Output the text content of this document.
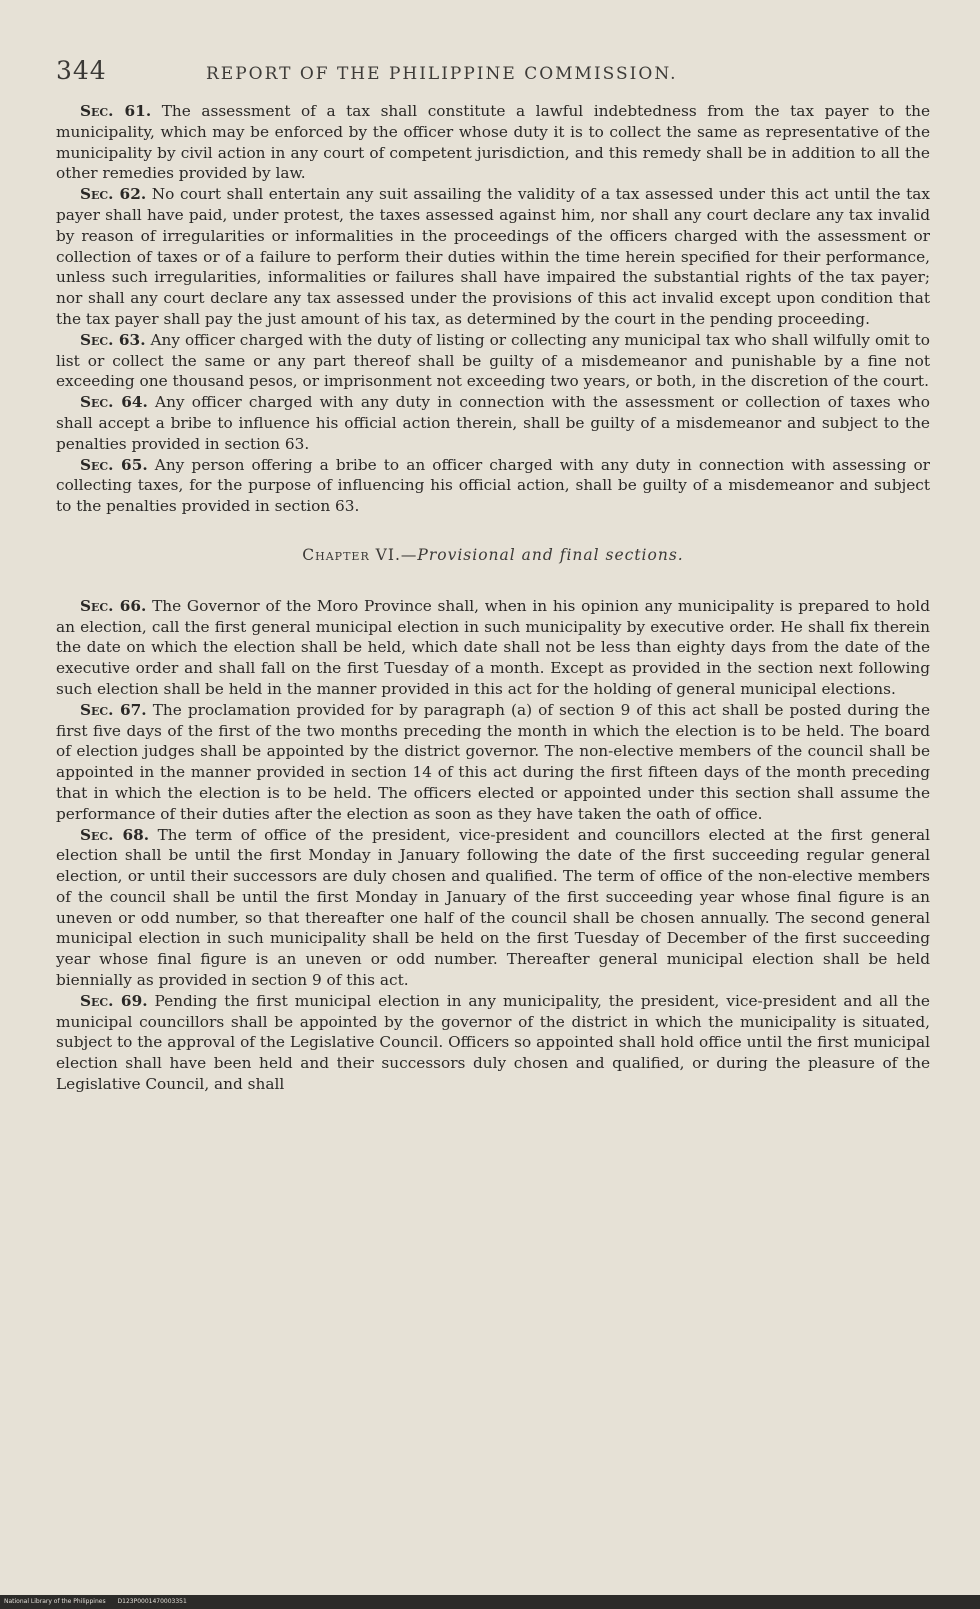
344	REPORT OF THE PHILIPPINE COMMISSION.

Sec. 61. The assessment of a tax shall constitute a lawful indebtedness from the tax payer to the municipality, which may be enforced by the officer whose duty it is to collect the same as representative of the municipality by civil action in any court of competent jurisdiction, and this remedy shall be in addition to all the other remedies provided by law.

Sec. 62. No court shall entertain any suit assailing the validity of a tax assessed under this act until the tax payer shall have paid, under protest, the taxes assessed against him, nor shall any court declare any tax invalid by reason of irregularities or informalities in the proceedings of the officers charged with the assessment or collection of taxes or of a failure to perform their duties within the time herein specified for their performance, unless such irregularities, informalities or failures shall have impaired the substantial rights of the tax payer; nor shall any court declare any tax assessed under the provisions of this act invalid except upon condition that the tax payer shall pay the just amount of his tax, as determined by the court in the pending proceeding.

Sec. 63. Any officer charged with the duty of listing or collecting any municipal tax who shall wilfully omit to list or collect the same or any part thereof shall be guilty of a misdemeanor and punishable by a fine not exceeding one thousand pesos, or imprisonment not exceeding two years, or both, in the discretion of the court.

Sec. 64. Any officer charged with any duty in connection with the assessment or collection of taxes who shall accept a bribe to influence his official action therein, shall be guilty of a misdemeanor and subject to the penalties provided in section 63.

Sec. 65. Any person offering a bribe to an officer charged with any duty in connection with assessing or collecting taxes, for the purpose of influencing his official action, shall be guilty of a misdemeanor and subject to the penalties provided in section 63.

Chapter VI.—Provisional and final sections.

Sec. 66. The Governor of the Moro Province shall, when in his opinion any municipality is prepared to hold an election, call the first general municipal election in such municipality by executive order. He shall fix therein the date on which the election shall be held, which date shall not be less than eighty days from the date of the executive order and shall fall on the first Tuesday of a month. Except as provided in the section next following such election shall be held in the manner provided in this act for the holding of general municipal elections.

Sec. 67. The proclamation provided for by paragraph (a) of section 9 of this act shall be posted during the first five days of the first of the two months preceding the month in which the election is to be held. The board of election judges shall be appointed by the district governor. The non-elective members of the council shall be appointed in the manner provided in section 14 of this act during the first fifteen days of the month preceding that in which the election is to be held. The officers elected or appointed under this section shall assume the performance of their duties after the election as soon as they have taken the oath of office.

Sec. 68. The term of office of the president, vice-president and councillors elected at the first general election shall be until the first Monday in January following the date of the first succeeding regular general election, or until their successors are duly chosen and qualified. The term of office of the non-elective members of the council shall be until the first Monday in January of the first succeeding year whose final figure is an uneven or odd number, so that thereafter one half of the council shall be chosen annually. The second general municipal election in such municipality shall be held on the first Tuesday of December of the first succeeding year whose final figure is an uneven or odd number. Thereafter general municipal election shall be held biennially as provided in section 9 of this act.

Sec. 69. Pending the first municipal election in any municipality, the president, vice-president and all the municipal councillors shall be appointed by the governor of the district in which the municipality is situated, subject to the approval of the Legislative Council. Officers so appointed shall hold office until the first municipal election shall have been held and their successors duly chosen and qualified, or during the pleasure of the Legislative Council, and shall

National Library of the Philippines D123P0001470003351
